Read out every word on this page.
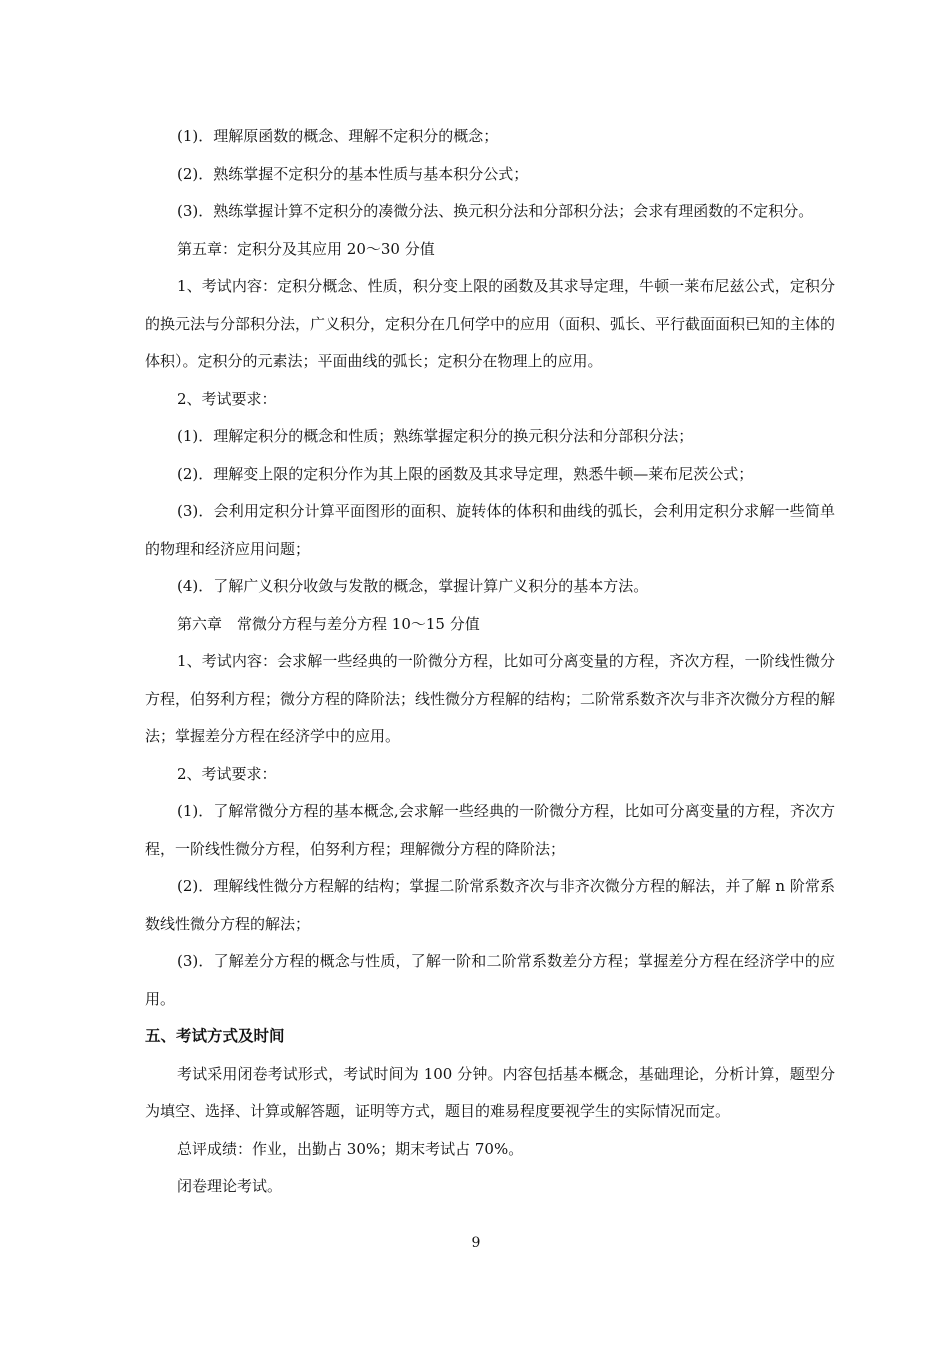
(1)．理解原函数的概念、理解不定积分的概念；

(2)．熟练掌握不定积分的基本性质与基本积分公式；

(3)．熟练掌握计算不定积分的凑微分法、换元积分法和分部积分法；会求有理函数的不定积分。

第五章：定积分及其应用 20～30 分值

1、考试内容：定积分概念、性质，积分变上限的函数及其求导定理，牛顿一莱布尼兹公式，定积分的换元法与分部积分法，广义积分，定积分在几何学中的应用（面积、弧长、平行截面面积已知的主体的体积）。定积分的元素法；平面曲线的弧长；定积分在物理上的应用。

2、考试要求：

(1)．理解定积分的概念和性质；熟练掌握定积分的换元积分法和分部积分法；

(2)．理解变上限的定积分作为其上限的函数及其求导定理，熟悉牛顿—莱布尼茨公式；

(3)．会利用定积分计算平面图形的面积、旋转体的体积和曲线的弧长，会利用定积分求解一些简单的物理和经济应用问题；

(4)．了解广义积分收敛与发散的概念，掌握计算广义积分的基本方法。

第六章　常微分方程与差分方程 10～15 分值

1、考试内容：会求解一些经典的一阶微分方程，比如可分离变量的方程，齐次方程，一阶线性微分方程，伯努利方程；微分方程的降阶法；线性微分方程解的结构；二阶常系数齐次与非齐次微分方程的解法；掌握差分方程在经济学中的应用。

2、考试要求：

(1)．了解常微分方程的基本概念,会求解一些经典的一阶微分方程，比如可分离变量的方程，齐次方程，一阶线性微分方程，伯努利方程；理解微分方程的降阶法；

(2)．理解线性微分方程解的结构；掌握二阶常系数齐次与非齐次微分方程的解法，并了解 n 阶常系数线性微分方程的解法；

(3)．了解差分方程的概念与性质，了解一阶和二阶常系数差分方程；掌握差分方程在经济学中的应用。

五、考试方式及时间

考试采用闭卷考试形式，考试时间为 100 分钟。内容包括基本概念，基础理论，分析计算，题型分为填空、选择、计算或解答题，证明等方式，题目的难易程度要视学生的实际情况而定。

总评成绩：作业，出勤占 30%；期末考试占 70%。

闭卷理论考试。

9
